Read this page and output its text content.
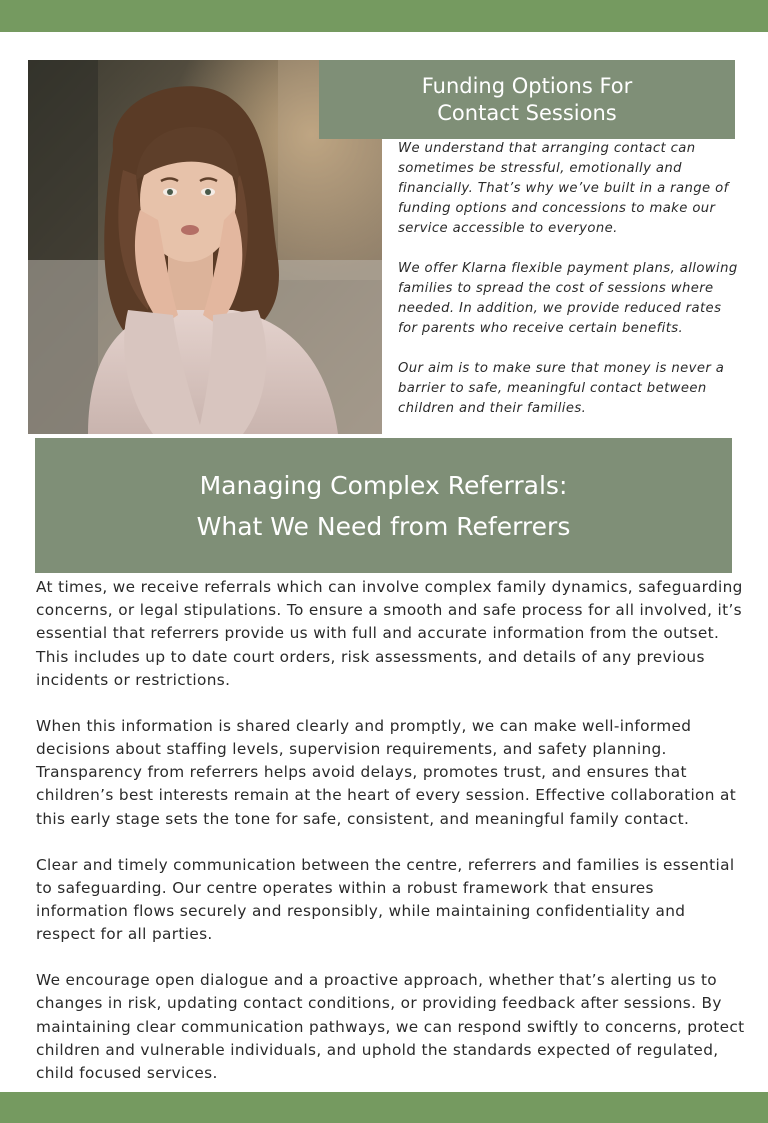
Funding Options For
Contact Sessions

We understand that arranging contact can sometimes be stressful, emotionally and financially. That’s why we’ve built in a range of funding options and concessions to make our service accessible to everyone.

We offer Klarna flexible payment plans, allowing families to spread the cost of sessions where needed. In addition, we provide reduced rates for parents who receive certain benefits.

Our aim is to make sure that money is never a barrier to safe, meaningful contact between children and their families.

Managing Complex Referrals:
What We Need from Referrers

At times, we receive referrals which can involve complex family dynamics, safeguarding concerns, or legal stipulations. To ensure a smooth and safe process for all involved, it’s essential that referrers provide us with full and accurate information from the outset. This includes up to date court orders, risk assessments, and details of any previous incidents or restrictions.

When this information is shared clearly and promptly, we can make well-informed decisions about staffing levels, supervision requirements, and safety planning. Transparency from referrers helps avoid delays, promotes trust, and ensures that children’s best interests remain at the heart of every session. Effective collaboration at this early stage sets the tone for safe, consistent, and meaningful family contact.

Clear and timely communication between the centre, referrers and families is essential to safeguarding. Our centre operates within a robust framework that ensures information flows securely and responsibly, while maintaining confidentiality and respect for all parties.

We encourage open dialogue and a proactive approach, whether that’s alerting us to changes in risk, updating contact conditions, or providing feedback after sessions. By maintaining clear communication pathways, we can respond swiftly to concerns, protect children and vulnerable individuals, and uphold the standards expected of regulated, child focused services.
